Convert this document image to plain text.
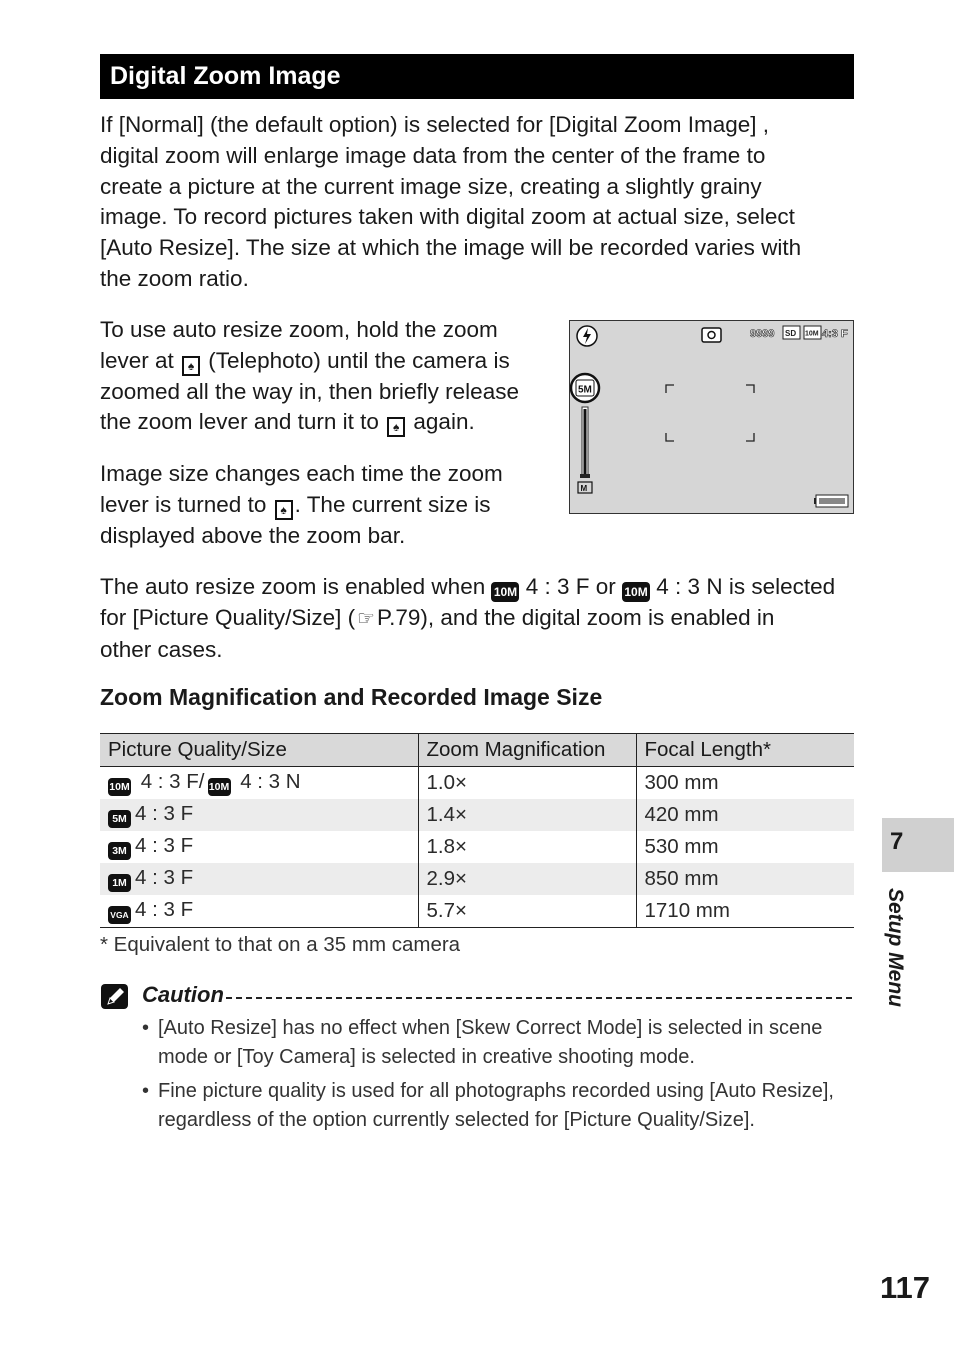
Digital Zoom Image
If [Normal] (the default option) is selected for [Digital Zoom Image] ,
digital zoom will enlarge image data from the center of the frame to
create a picture at the current image size, creating a slightly grainy
image. To record pictures taken with digital zoom at actual size, select
[Auto Resize]. The size at which the image will be recorded varies with
the zoom ratio.
To use auto resize zoom, hold the zoom
lever at ♠ (Telephoto) until the camera is
zoomed all the way in, then briefly release
the zoom lever and turn it to ♠ again.
Image size changes each time the zoom
lever is turned to ♠ . The current size is
displayed above the zoom bar.
9999 SD 10M 4:3 F
5M
M
The auto resize zoom is enabled when 10M 4 : 3 F or 10M 4 : 3 N is selected
for [Picture Quality/Size] ( ☞P.79), and the digital zoom is enabled in
other cases.
Zoom Magnification and Recorded Image Size
Picture Quality/Size	Zoom Magnification	Focal Length*
10M 4 : 3 F/ 10M 4 : 3 N	1.0×	300 mm
5M 4 : 3 F	1.4×	420 mm
3M 4 : 3 F	1.8×	530 mm
1M 4 : 3 F	2.9×	850 mm
VGA 4 : 3 F	5.7×	1710 mm
* Equivalent to that on a 35 mm camera
Caution
• [Auto Resize] has no effect when [Skew Correct Mode] is selected in scene
mode or [Toy Camera] is selected in creative shooting mode.
• Fine picture quality is used for all photographs recorded using [Auto Resize],
regardless of the option currently selected for [Picture Quality/Size].
7
Setup Menu
117
